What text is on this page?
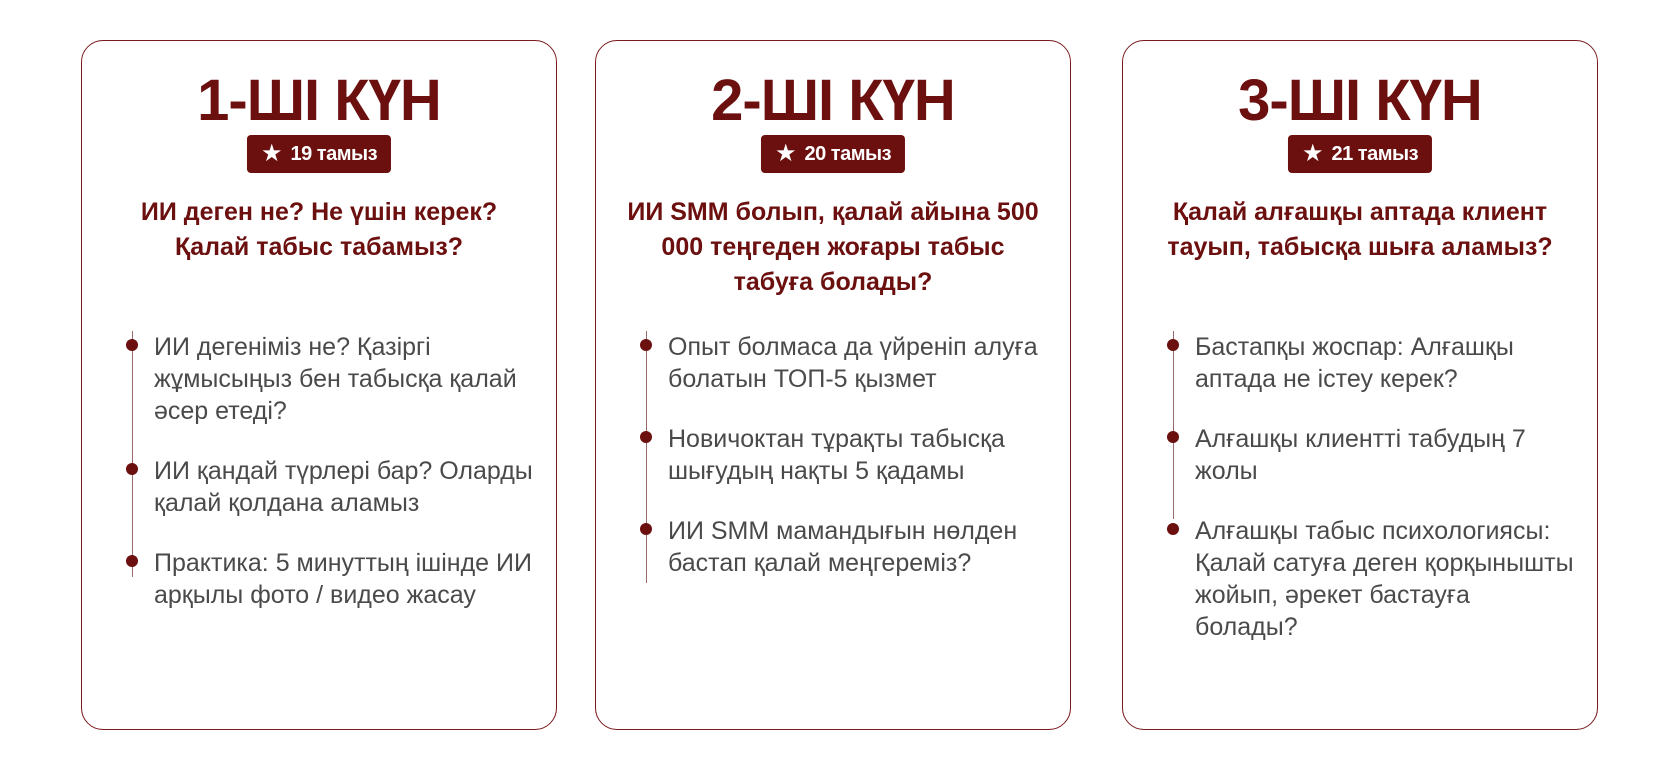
1-ШІ КҮН
★ 19 тамыз
ИИ деген не? Не үшін керек? Қалай табыс табамыз?
ИИ дегеніміз не? Қазіргі жұмысыңыз бен табысқа қалай әсер етеді?
ИИ қандай түрлері бар? Оларды қалай қолдана аламыз
Практика: 5 минуттың ішінде ИИ арқылы фото / видео жасау
2-ШІ КҮН
★ 20 тамыз
ИИ SMM болып, қалай айына 500 000 теңгеден жоғары табыс табуға болады?
Опыт болмаса да үйреніп алуға болатын ТОП-5 қызмет
Новичоктан тұрақты табысқа шығудың нақты 5 қадамы
ИИ SMM мамандығын нөлден бастап қалай меңгереміз?
3-ШІ КҮН
★ 21 тамыз
Қалай алғашқы аптада клиент тауып, табысқа шыға аламыз?
Бастапқы жоспар: Алғашқы аптада не істеу керек?
Алғашқы клиентті табудың 7 жолы
Алғашқы табыс психологиясы: Қалай сатуға деген қорқынышты жойып, әрекет бастауға болады?
